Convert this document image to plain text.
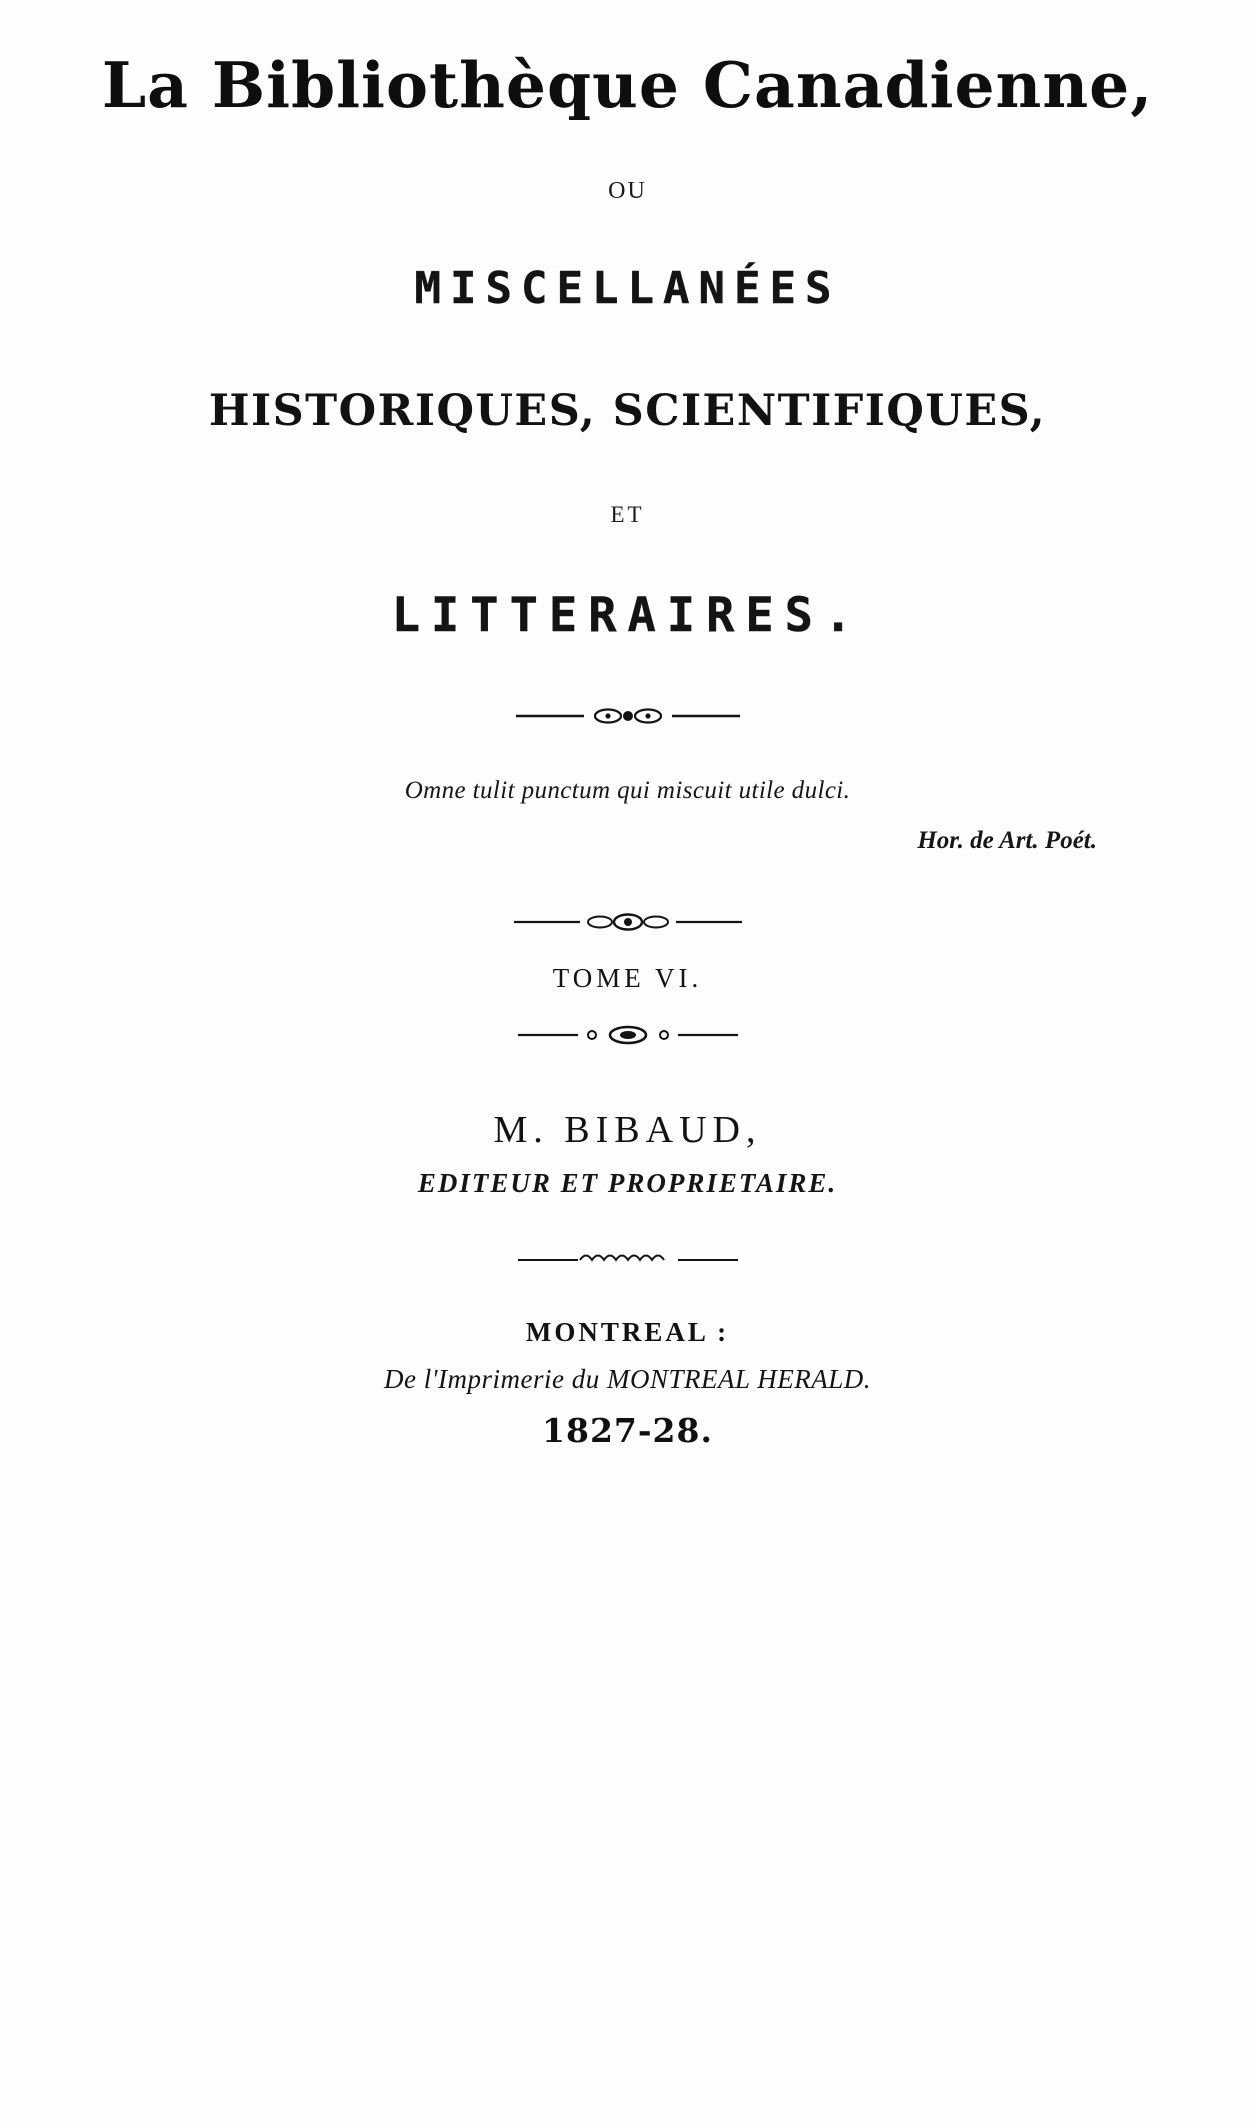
La Bibliothèque Canadienne,
OU
MISCELLANÉES
HISTORIQUES, SCIENTIFIQUES,
ET
LITTERAIRES.
Omne tulit punctum qui miscuit utile dulci.
Hor. de Art. Poét.
TOME VI.
M. BIBAUD,
EDITEUR ET PROPRIETAIRE.
MONTREAL :
De l'Imprimerie du MONTREAL HERALD.
1827-28.
